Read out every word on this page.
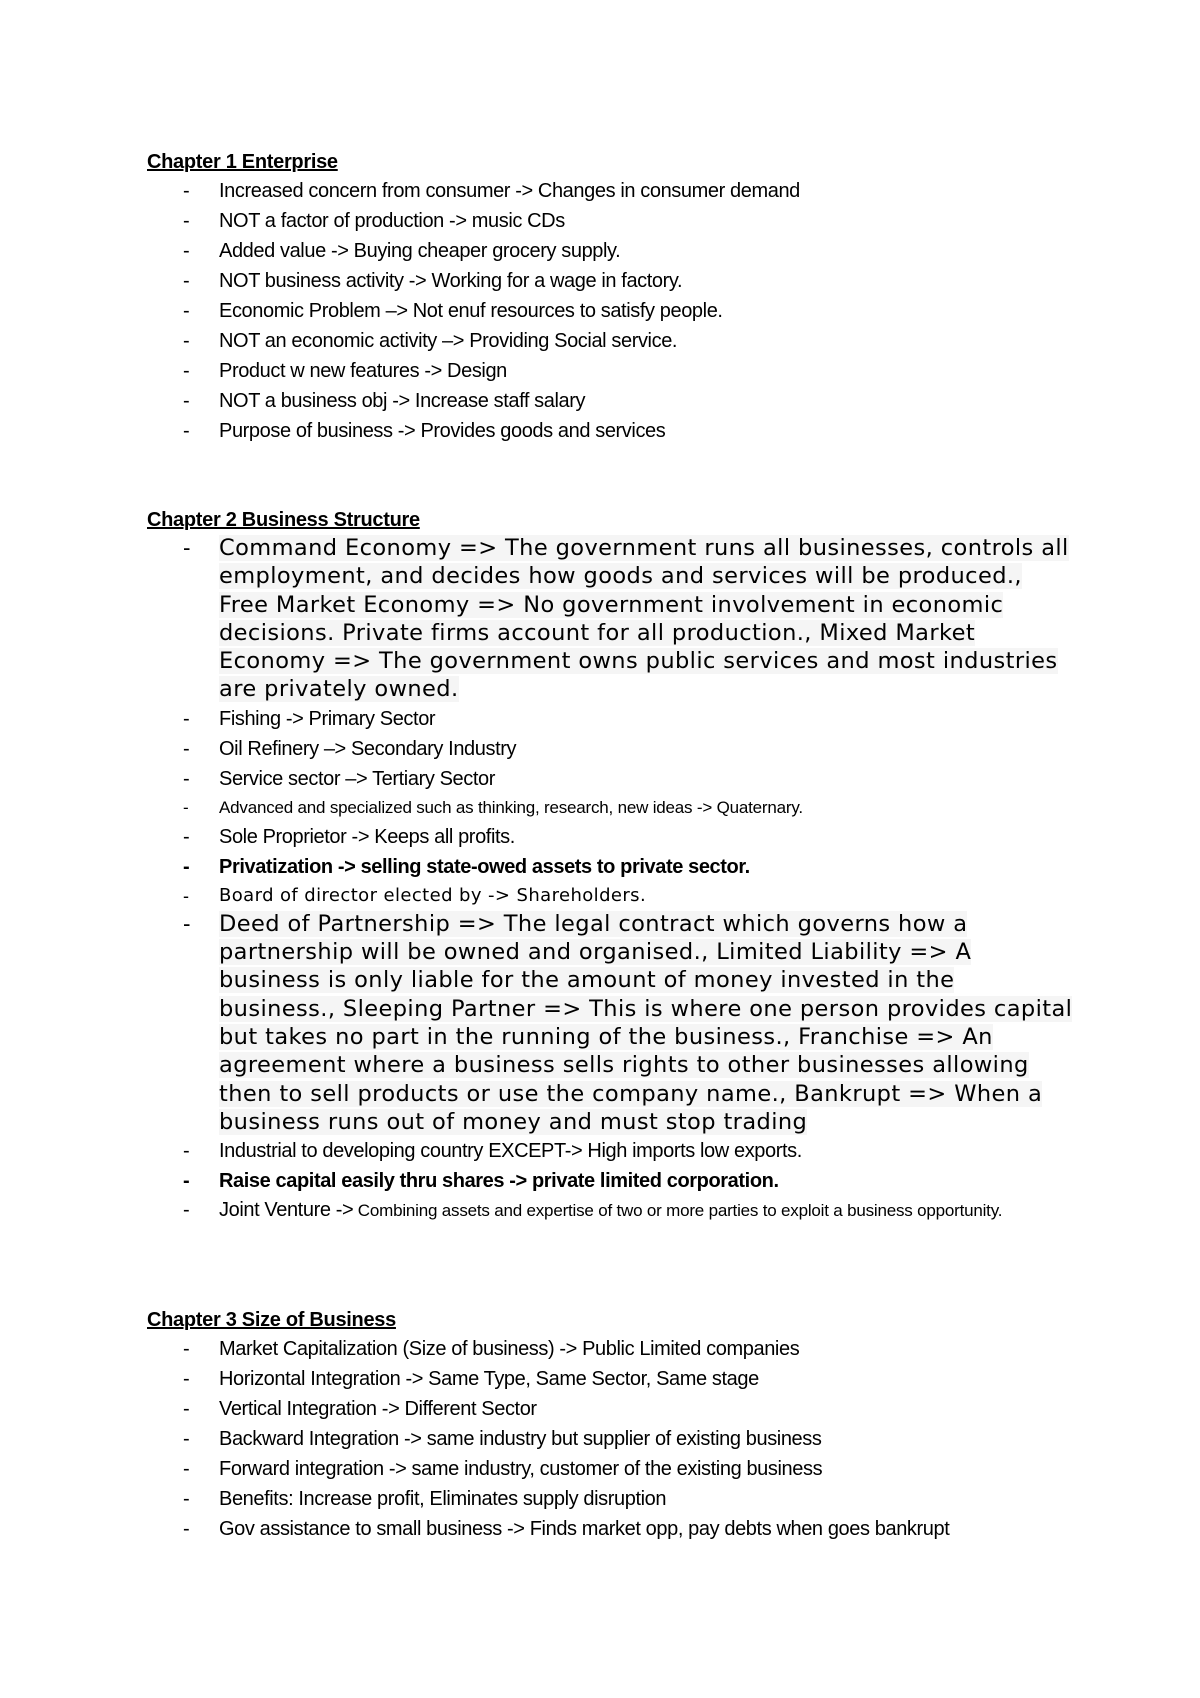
Chapter 1 Enterprise
- Increased concern from consumer -> Changes in consumer demand
- NOT a factor of production -> music CDs
- Added value -> Buying cheaper grocery supply.
- NOT business activity -> Working for a wage in factory.
- Economic Problem –> Not enuf resources to satisfy people.
- NOT an economic activity –> Providing Social service.
- Product w new features -> Design
- NOT a business obj -> Increase staff salary
- Purpose of business -> Provides goods and services
Chapter 2 Business Structure
- Command Economy => The government runs all businesses, controls all employment, and decides how goods and services will be produced., Free Market Economy => No government involvement in economic decisions. Private firms account for all production., Mixed Market Economy => The government owns public services and most industries are privately owned.
- Fishing -> Primary Sector
- Oil Refinery –> Secondary Industry
- Service sector –> Tertiary Sector
- Advanced and specialized such as thinking, research, new ideas -> Quaternary.
- Sole Proprietor -> Keeps all profits.
- Privatization -> selling state-owed assets to private sector.
- Board of director elected by -> Shareholders.
- Deed of Partnership => The legal contract which governs how a partnership will be owned and organised., Limited Liability => A business is only liable for the amount of money invested in the business., Sleeping Partner => This is where one person provides capital but takes no part in the running of the business., Franchise => An agreement where a business sells rights to other businesses allowing then to sell products or use the company name., Bankrupt => When a business runs out of money and must stop trading
- Industrial to developing country EXCEPT-> High imports low exports.
- Raise capital easily thru shares -> private limited corporation.
- Joint Venture -> Combining assets and expertise of two or more parties to exploit a business opportunity.
Chapter 3 Size of Business
- Market Capitalization (Size of business) -> Public Limited companies
- Horizontal Integration -> Same Type, Same Sector, Same stage
- Vertical Integration -> Different Sector
- Backward Integration -> same industry but supplier of existing business
- Forward integration -> same industry, customer of the existing business
- Benefits: Increase profit, Eliminates supply disruption
- Gov assistance to small business -> Finds market opp, pay debts when goes bankrupt
